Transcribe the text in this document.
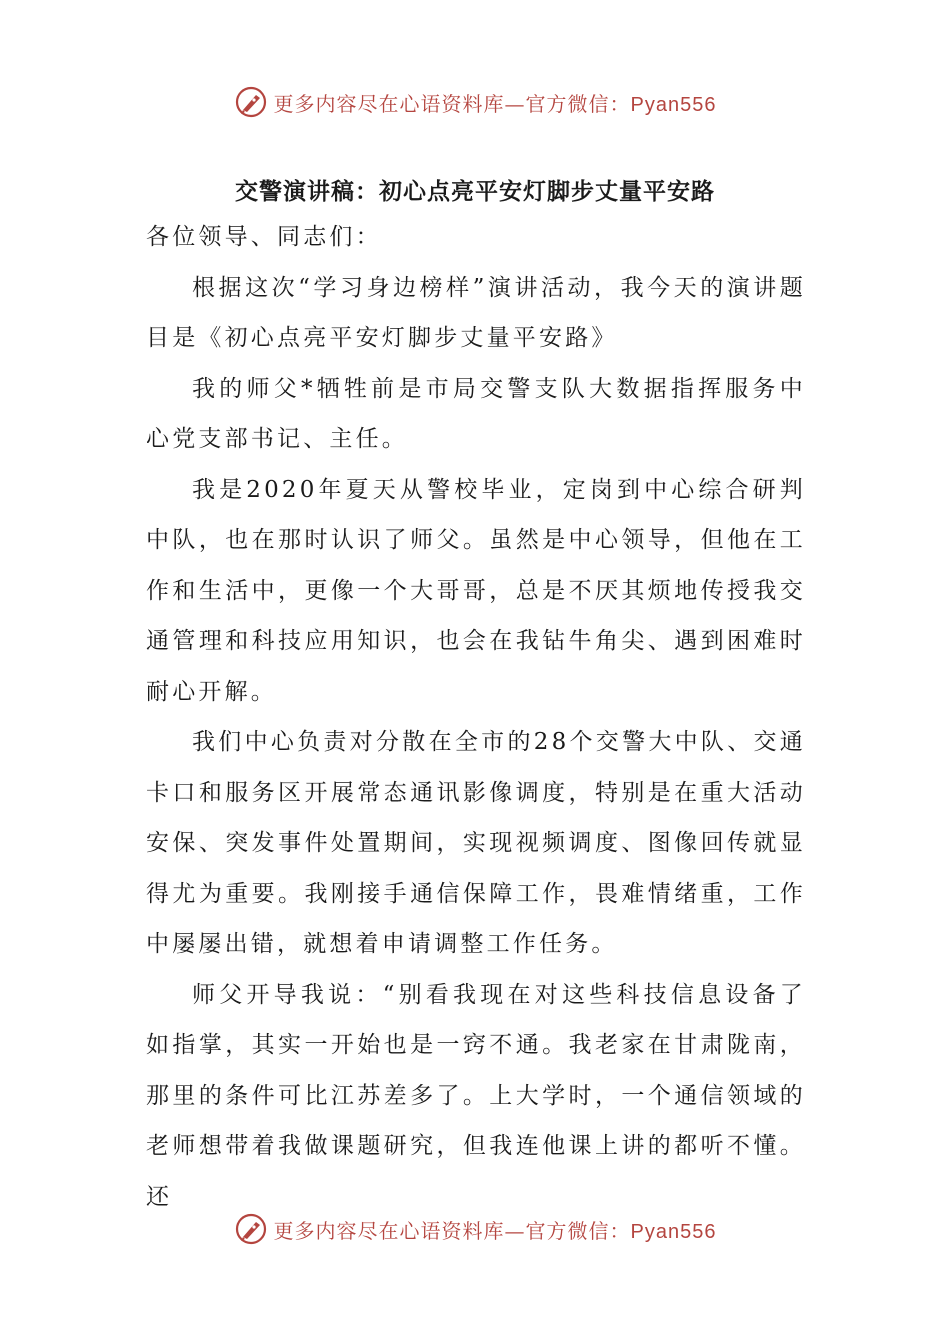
更多内容尽在心语资料库—官方微信：Pyan556
交警演讲稿：初心点亮平安灯脚步丈量平安路

各位领导、同志们：

根据这次“学习身边榜样”演讲活动，我今天的演讲题目是《初心点亮平安灯脚步丈量平安路》

我的师父*牺牲前是市局交警支队大数据指挥服务中心党支部书记、主任。

我是2020年夏天从警校毕业，定岗到中心综合研判中队，也在那时认识了师父。虽然是中心领导，但他在工作和生活中，更像一个大哥哥，总是不厌其烦地传授我交通管理和科技应用知识，也会在我钻牛角尖、遇到困难时耐心开解。

我们中心负责对分散在全市的28个交警大中队、交通卡口和服务区开展常态通讯影像调度，特别是在重大活动安保、突发事件处置期间，实现视频调度、图像回传就显得尤为重要。我刚接手通信保障工作，畏难情绪重，工作中屡屡出错，就想着申请调整工作任务。

师父开导我说：“别看我现在对这些科技信息设备了如指掌，其实一开始也是一窍不通。我老家在甘肃陇南，那里的条件可比江苏差多了。上大学时，一个通信领域的老师想带着我做课题研究，但我连他课上讲的都听不懂。还

更多内容尽在心语资料库—官方微信：Pyan556
